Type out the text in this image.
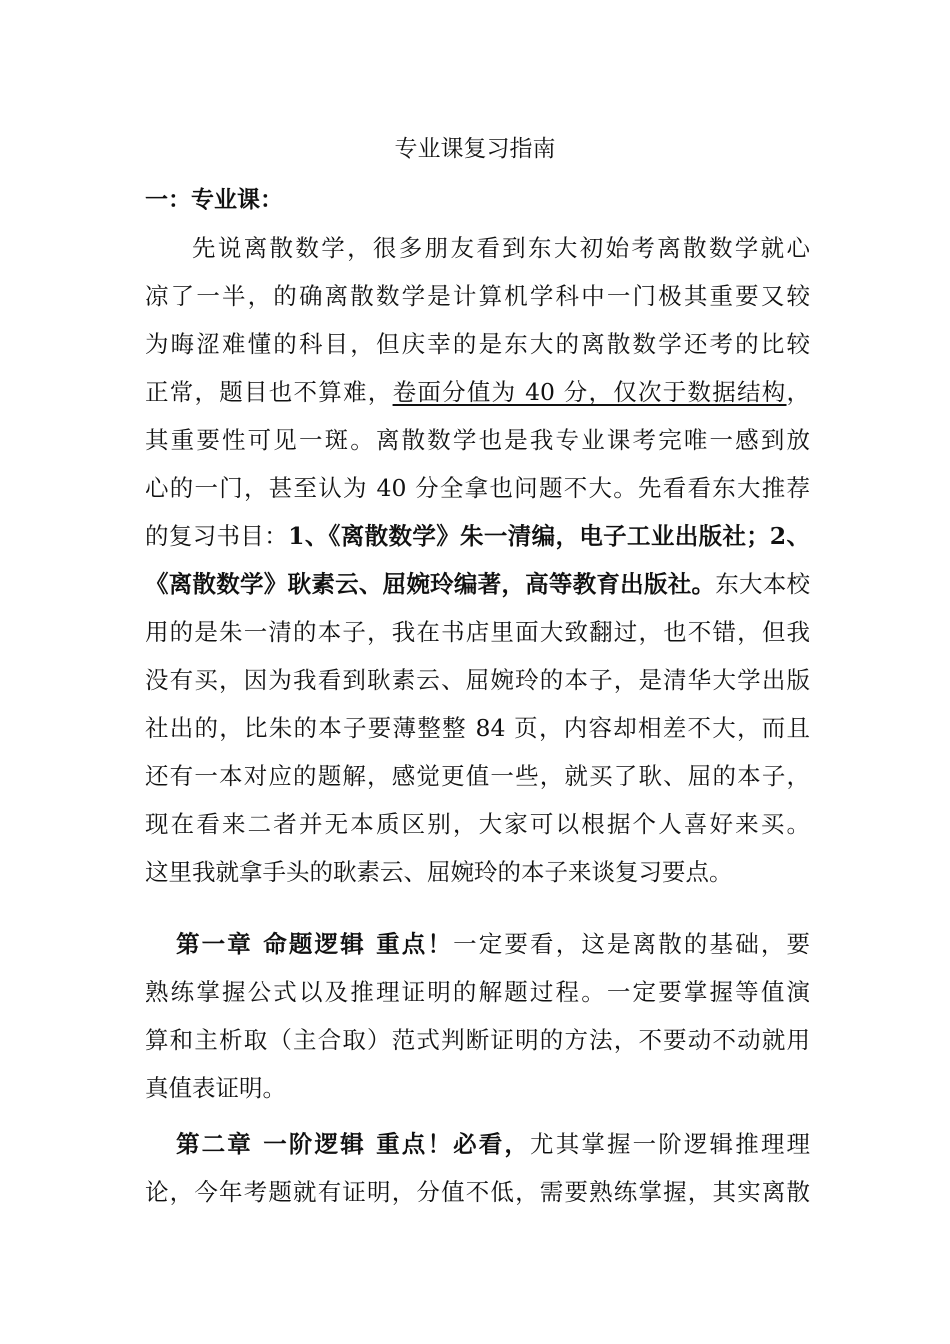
专业课复习指南
一：专业课：
先说离散数学，很多朋友看到东大初始考离散数学就心
凉了一半，的确离散数学是计算机学科中一门极其重要又较
为晦涩难懂的科目，但庆幸的是东大的离散数学还考的比较
正常，题目也不算难，卷面分值为 40 分，仅次于数据结构，
其重要性可见一斑。离散数学也是我专业课考完唯一感到放
心的一门，甚至认为 40 分全拿也问题不大。先看看东大推荐
的复习书目：1、《离散数学》朱一清编，电子工业出版社；2、
《离散数学》耿素云、屈婉玲编著，高等教育出版社。东大本校
用的是朱一清的本子，我在书店里面大致翻过，也不错，但我
没有买，因为我看到耿素云、屈婉玲的本子，是清华大学出版
社出的，比朱的本子要薄整整 84 页，内容却相差不大，而且
还有一本对应的题解，感觉更值一些，就买了耿、屈的本子，
现在看来二者并无本质区别，大家可以根据个人喜好来买。
这里我就拿手头的耿素云、屈婉玲的本子来谈复习要点。
第一章 命题逻辑 重点！一定要看，这是离散的基础，要
熟练掌握公式以及推理证明的解题过程。一定要掌握等值演
算和主析取（主合取）范式判断证明的方法，不要动不动就用
真值表证明。
第二章 一阶逻辑 重点！必看，尤其掌握一阶逻辑推理理
论，今年考题就有证明，分值不低，需要熟练掌握，其实离散
